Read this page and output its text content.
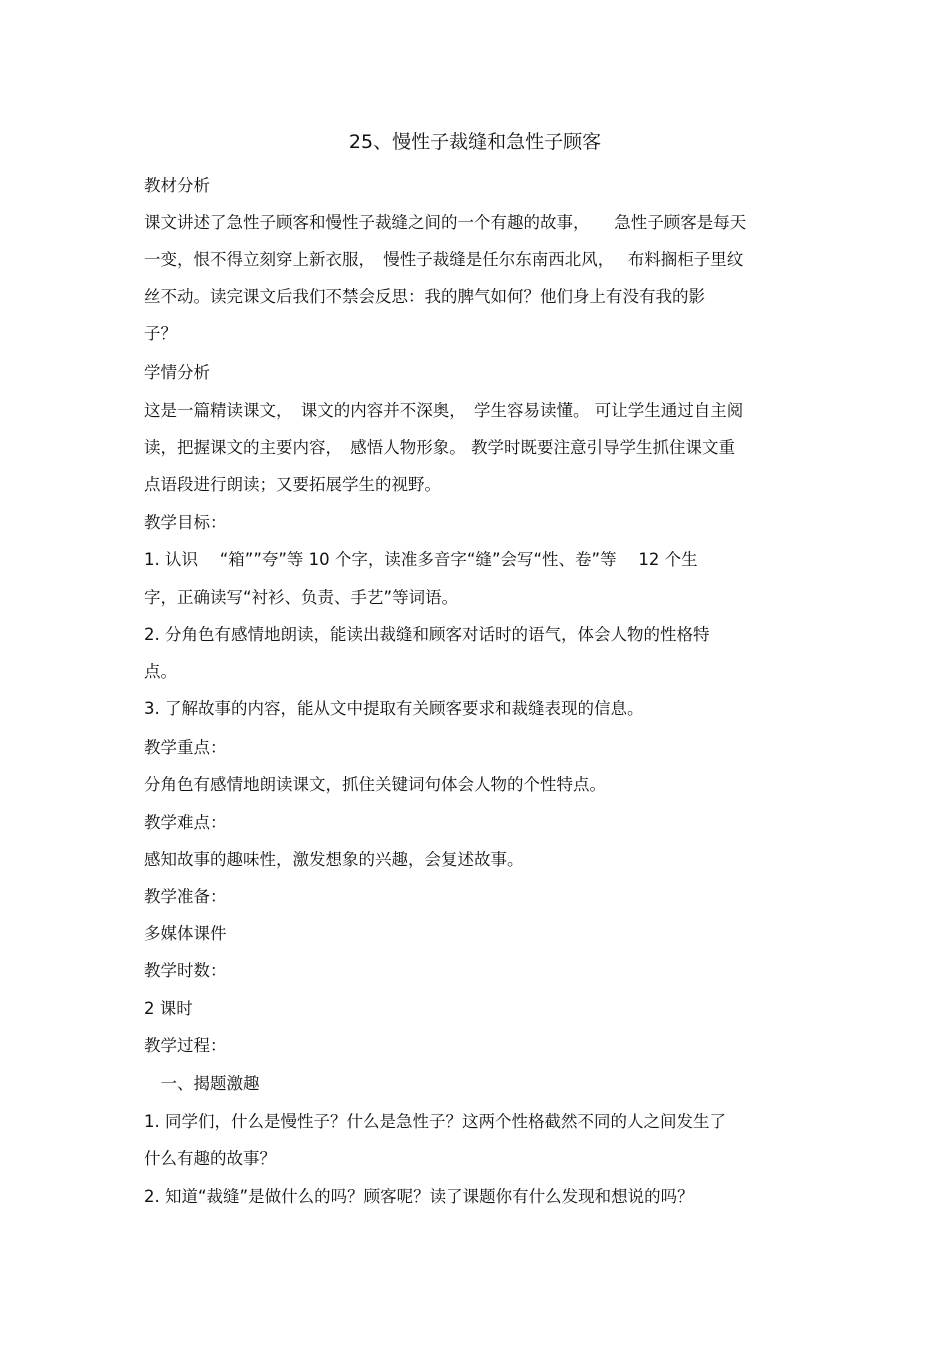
25、慢性子裁缝和急性子顾客
教材分析
课文讲述了急性子顾客和慢性子裁缝之间的一个有趣的故事，　　急性子顾客是每天
一变，恨不得立刻穿上新衣服，　慢性子裁缝是任尔东南西北风，　 布料搁柜子里纹
丝不动。读完课文后我们不禁会反思：我的脾气如何？他们身上有没有我的影
子？
学情分析
这是一篇精读课文，　课文的内容并不深奥，　学生容易读懂。 可让学生通过自主阅
读，把握课文的主要内容，　感悟人物形象。 教学时既要注意引导学生抓住课文重
点语段进行朗读；又要拓展学生的视野。
教学目标：
1. 认识　 “箱””夸”等 10 个字，读准多音字“缝”会写“性、卷”等　 12 个生
字，正确读写“衬衫、负责、手艺”等词语。
2. 分角色有感情地朗读，能读出裁缝和顾客对话时的语气，体会人物的性格特
点。
3. 了解故事的内容，能从文中提取有关顾客要求和裁缝表现的信息。
教学重点：
分角色有感情地朗读课文，抓住关键词句体会人物的个性特点。
教学难点：
感知故事的趣味性，激发想象的兴趣，会复述故事。
教学准备：
多媒体课件
教学时数：
2 课时
教学过程：
　一、揭题激趣
1. 同学们，什么是慢性子？什么是急性子？这两个性格截然不同的人之间发生了
什么有趣的故事？
2. 知道“裁缝”是做什么的吗？顾客呢？读了课题你有什么发现和想说的吗？
